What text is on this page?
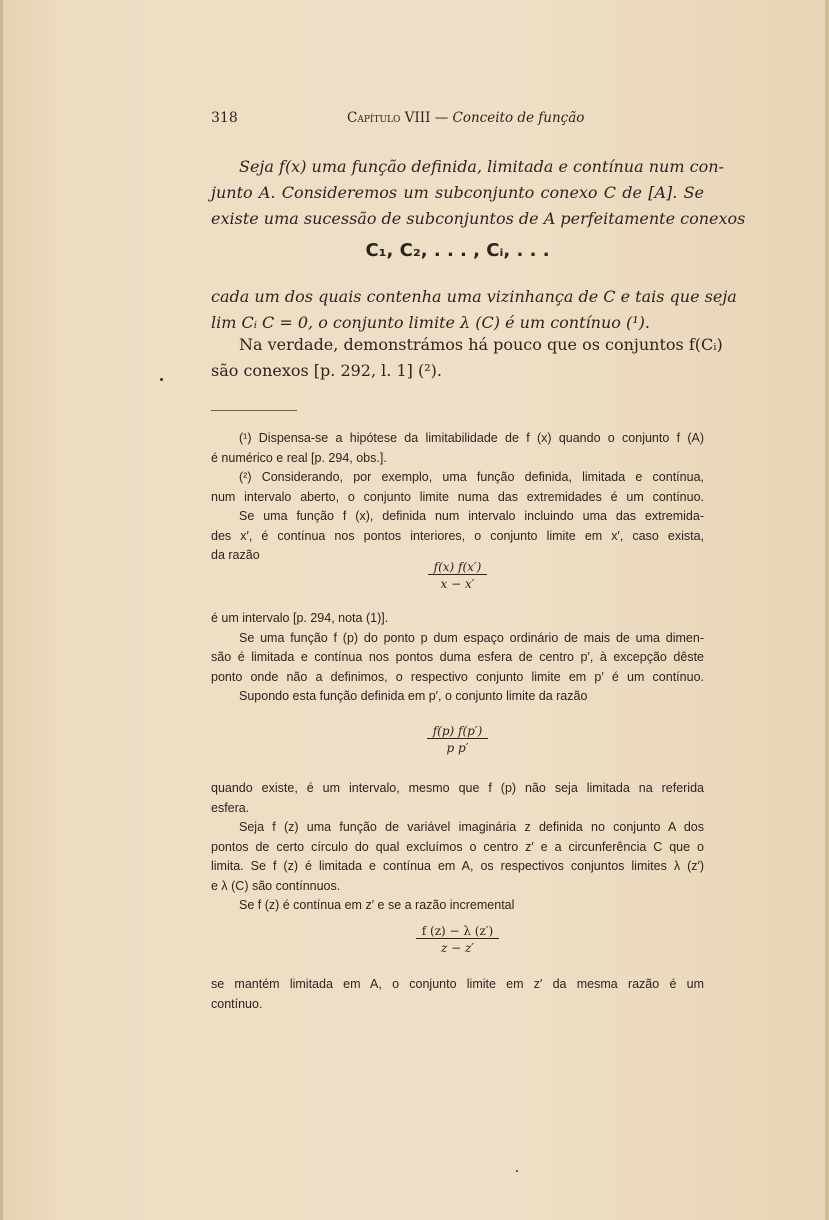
318	Capítulo VIII — Conceito de função
Seja f(x) uma função definida, limitada e contínua num con-
junto A. Consideremos um subconjunto conexo C de [A]. Se
existe uma sucessão de subconjuntos de A perfeitamente conexos
C₁, C₂, . . . , Cᵢ, . . .
cada um dos quais contenha uma vizinhança de C e tais que seja
lim Cᵢ C = 0, o conjunto limite λ (C) é um contínuo (¹).
Na verdade, demonstrámos há pouco que os conjuntos f(Cᵢ)
são conexos [p. 292, l. 1] (²).

(¹) Dispensa-se a hipótese da limitabilidade de f (x) quando o conjunto f (A)

é numérico e real [p. 294, obs.].

(²) Considerando, por exemplo, uma função definida, limitada e contínua,

num intervalo aberto, o conjunto limite numa das extremidades é um contínuo.

Se uma função f (x), definida num intervalo incluindo uma das extremida-

des x′, é contínua nos pontos interiores, o conjunto limite em x′, caso exista,

da razão

$\frac{f(x) f(x')}{x - x'}$

é um intervalo [p. 294, nota (1)].

Se uma função f (p) do ponto p dum espaço ordinário de mais de uma dimen-

são é limitada e contínua nos pontos duma esfera de centro p′, à excepção dêste

ponto onde não a definimos, o respectivo conjunto limite em p′ é um contínuo.

Supondo esta função definida em p′, o conjunto limite da razão

$\frac{f(p) f(p')}{\text{p p′}}$

quando existe, é um intervalo, mesmo que f (p) não seja limitada na referida

esfera.

Seja f (z) uma função de variável imaginária z definida no conjunto A dos

pontos de certo círculo do qual excluímos o centro z′ e a circunferência C que o

limita. Se f (z) é limitada e contínua em A, os respectivos conjuntos limites λ (z′)

e λ (C) são contínnuos.

Se f (z) é contínua em z′ e se a razão incremental

$\frac{f (z) - \lambda (z')}{z - z'}$

se mantém limitada em A, o conjunto limite em z′ da mesma razão é um

contínuo.
